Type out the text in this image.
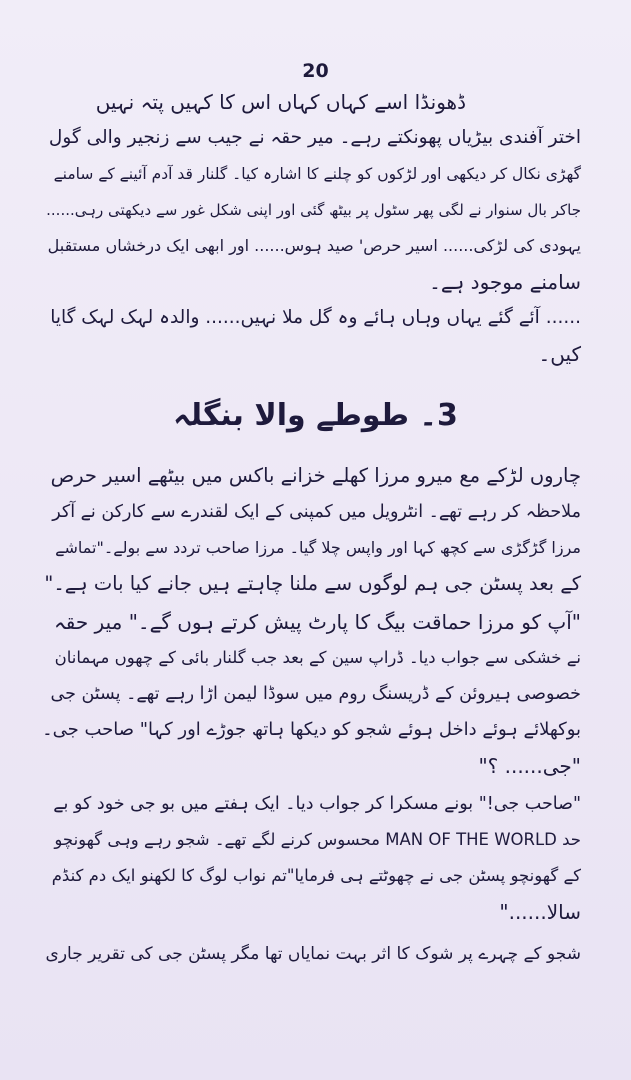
20
ڈھونڈا اسے کہاں کہاں اس کا کہیں پتہ نہیں
اختر آفندی بیڑیاں پھونکتے رہے۔ میر حقہ نے جیب سے زنجیر والی گول
گھڑی نکال کر دیکھی اور لڑکوں کو چلنے کا اشارہ کیا۔ گلنار قد آدم آئینے کے سامنے
جاکر بال سنوار نے لگی پھر سٹول پر بیٹھ گئی اور اپنی شکل غور سے دیکھتی رہی......
یہودی کی لڑکی...... اسیر حرص' صید ہوس...... اور ابھی ایک درخشاں مستقبل
سامنے موجود ہے۔
...... آئے گئے یہاں وہاں ہائے وہ گل ملا نہیں...... والدہ لہک لہک گایا
کیں۔
3۔ طوطے والا بنگلہ
چاروں لڑکے مع میرو مرزا کھلے خزانے باکس میں بیٹھے اسیر حرص
ملاحظہ کر رہے تھے۔ انٹرویل میں کمپنی کے ایک لقندرے سے کارکن نے آکر
مرزا گڑگڑی سے کچھ کہا اور واپس چلا گیا۔ مرزا صاحب تردد سے بولے۔"تماشے
کے بعد پسٹن جی ہم لوگوں سے ملنا چاہتے ہیں جانے کیا بات ہے۔"
"آپ کو مرزا حماقت بیگ کا پارٹ پیش کرتے ہوں گے۔" میر حقہ
نے خشکی سے جواب دیا۔ ڈراپ سین کے بعد جب گلنار بائی کے چھوں مہمانان
خصوصی ہیروئن کے ڈریسنگ روم میں سوڈا لیمن اڑا رہے تھے۔ پسٹن جی
بوکھلائے ہوئے داخل ہوئے شجو کو دیکھا ہاتھ جوڑے اور کہا" صاحب جی۔
"جی...... ؟"
"صاحب جی!" بونے مسکرا کر جواب دیا۔ ایک ہفتے میں بو جی خود کو بے
حد MAN OF THE WORLD محسوس کرنے لگے تھے۔ شجو رہے وہی گھونچو
کے گھونچو پسٹن جی نے چھوٹتے ہی فرمایا"تم نواب لوگ کا لکھنو ایک دم کنڈم
سالا......"
شجو کے چہرے پر شوک کا اثر بہت نمایاں تھا مگر پسٹن جی کی تقریر جاری
